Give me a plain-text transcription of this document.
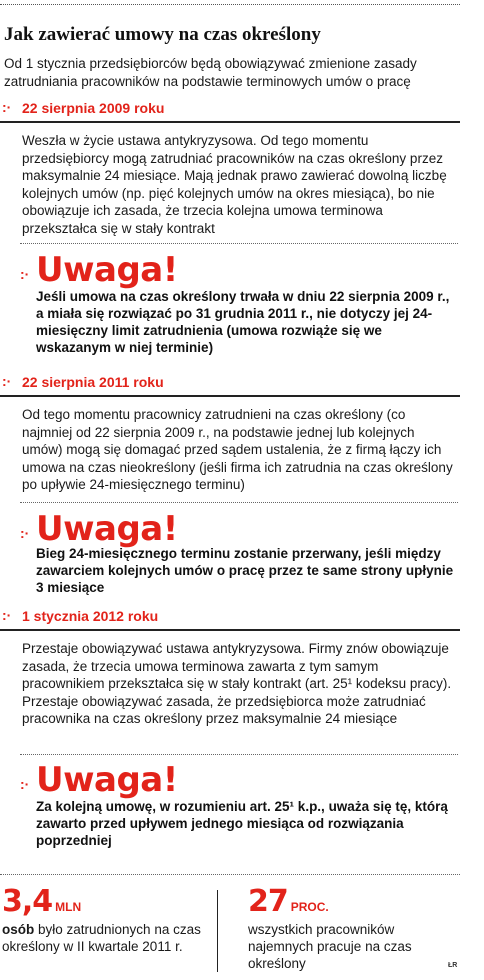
Jak zawierać umowy na czas określony

Od 1 stycznia przedsiębiorców będą obowiązywać zmienione zasady zatrudniania pracowników na podstawie terminowych umów o pracę

:· 22 sierpnia 2009 roku

Weszła w życie ustawa antykryzysowa. Od tego momentu przedsiębiorcy mogą zatrudniać pracowników na czas określony przez maksymalnie 24 miesiące. Mają jednak prawo zawierać dowolną liczbę kolejnych umów (np. pięć kolejnych umów na okres miesiąca), bo nie obowiązuje ich zasada, że trzecia kolejna umowa terminowa przekształca się w stały kontrakt

:· Uwaga!

Jeśli umowa na czas określony trwała w dniu 22 sierpnia 2009 r., a miała się rozwiązać po 31 grudnia 2011 r., nie dotyczy jej 24-miesięczny limit zatrudnienia (umowa rozwiąże się we wskazanym w niej terminie)

:· 22 sierpnia 2011 roku

Od tego momentu pracownicy zatrudnieni na czas określony (co najmniej od 22 sierpnia 2009 r., na podstawie jednej lub kolejnych umów) mogą się domagać przed sądem ustalenia, że z firmą łączy ich umowa na czas nieokreślony (jeśli firma ich zatrudnia na czas określony po upływie 24-miesięcznego terminu)

:· Uwaga!

Bieg 24-miesięcznego terminu zostanie przerwany, jeśli między zawarciem kolejnych umów o pracę przez te same strony upłynie 3 miesiące

:· 1 stycznia 2012 roku

Przestaje obowiązywać ustawa antykryzysowa. Firmy znów obowiązuje zasada, że trzecia umowa terminowa zawarta z tym samym pracownikiem przekształca się w stały kontrakt (art. 25¹ kodeksu pracy). Przestaje obowiązywać zasada, że przedsiębiorca może zatrudniać pracownika na czas określony przez maksymalnie 24 miesiące

:· Uwaga!

Za kolejną umowę, w rozumieniu art. 25¹ k.p., uważa się tę, którą zawarto przed upływem jednego miesiąca od rozwiązania poprzedniej

3,4 MLN

osób było zatrudnionych na czas określony w II kwartale 2011 r.

27 PROC.

wszystkich pracowników najemnych pracuje na czas określony	ŁR
